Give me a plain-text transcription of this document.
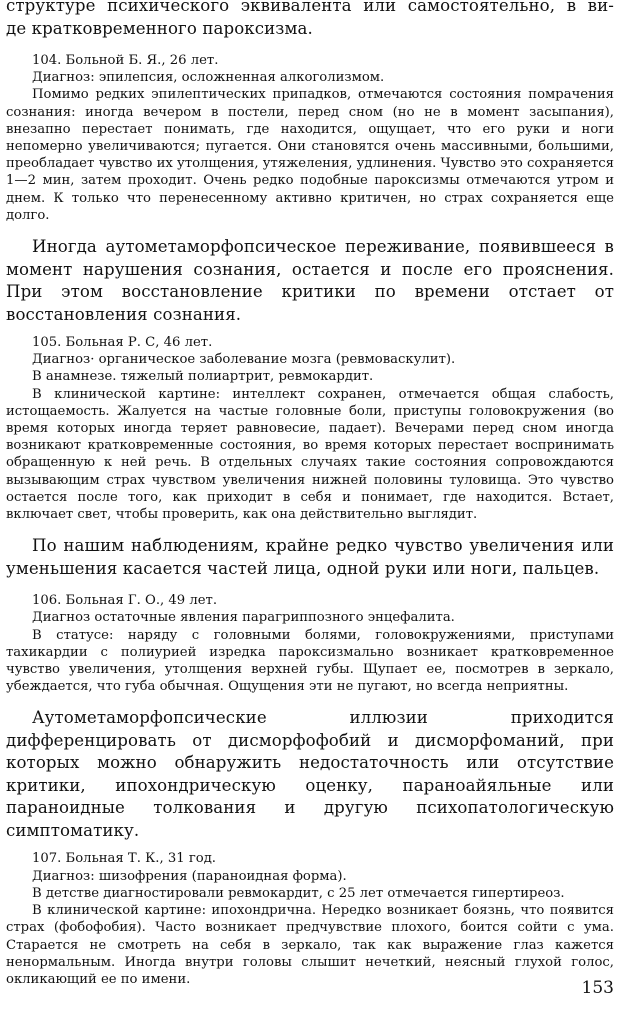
структуре психического эквивалента или самостоятельно, в ви-

де кратковременного пароксизма.

104. Больной Б. Я., 26 лет.

Диагноз: эпилепсия, осложненная алкоголизмом.

Помимо редких эпилептических припадков, отмечаются состояния помрачения сознания: иногда вечером в постели, перед сном (но не в момент засыпания), внезапно перестает понимать, где находится, ощущает, что его руки и ноги непомерно увеличиваются; пугается. Они становятся очень массивными, большими, преобладает чувство их утолщения, утяжеления, удлинения. Чувство это сохраняется 1—2 мин, затем проходит. Очень редко подобные пароксизмы отмечаются утром и днем. К только что перенесенному активно критичен, но страх сохраняется еще долго.

Иногда аутометаморфопсическое переживание, появившееся в момент нарушения сознания, остается и после его прояснения. При этом восстановление критики по времени отстает от восстановления сознания.

105. Больная Р. С, 46 лет.

Диагноз· органическое заболевание мозга (ревмоваскулит).

В анамнезе. тяжелый полиартрит, ревмокардит.

В клинической картине: интеллект сохранен, отмечается общая слабость, истощаемость. Жалуется на частые головные боли, приступы головокружения (во время которых иногда теряет равновесие, падает). Вечерами перед сном иногда возникают кратковременные состояния, во время которых перестает воспринимать обращенную к ней речь. В отдельных случаях такие состояния сопровождаются вызывающим страх чувством увеличения нижней половины туловища. Это чувство остается после того, как приходит в себя и понимает, где находится. Встает, включает свет, чтобы проверить, как она действительно выглядит.

По нашим наблюдениям, крайне редко чувство увеличения или уменьшения касается частей лица, одной руки или ноги, пальцев.

106. Больная Г. О., 49 лет.

Диагноз остаточные явления парагриппозного энцефалита.

В статусе: наряду с головными болями, головокружениями, приступами тахикардии с полиурией изредка пароксизмально возникает кратковременное чувство увеличения, утолщения верхней губы. Щупает ее, посмотрев в зеркало, убеждается, что губа обычная. Ощущения эти не пугают, но всегда неприятны.

Аутометаморфопсические иллюзии приходится дифференцировать от дисморфофобий и дисморфоманий, при которых можно обнаружить недостаточность или отсутствие критики, ипохондрическую оценку, параноайяльные или параноидные толкования и другую психопатологическую симптоматику.

107. Больная Т. К., 31 год.

Диагноз: шизофрения (параноидная форма).

В детстве диагностировали ревмокардит, с 25 лет отмечается гипертиреоз.

В клинической картине: ипохондрична. Нередко возникает боязнь, что появится страх (фобофобия). Часто возникает предчувствие плохого, боится сойти с ума. Старается не смотреть на себя в зеркало, так как выражение глаз кажется ненормальным. Иногда внутри головы слышит нечеткий, неясный глухой голос, окликающий ее по имени.	153
